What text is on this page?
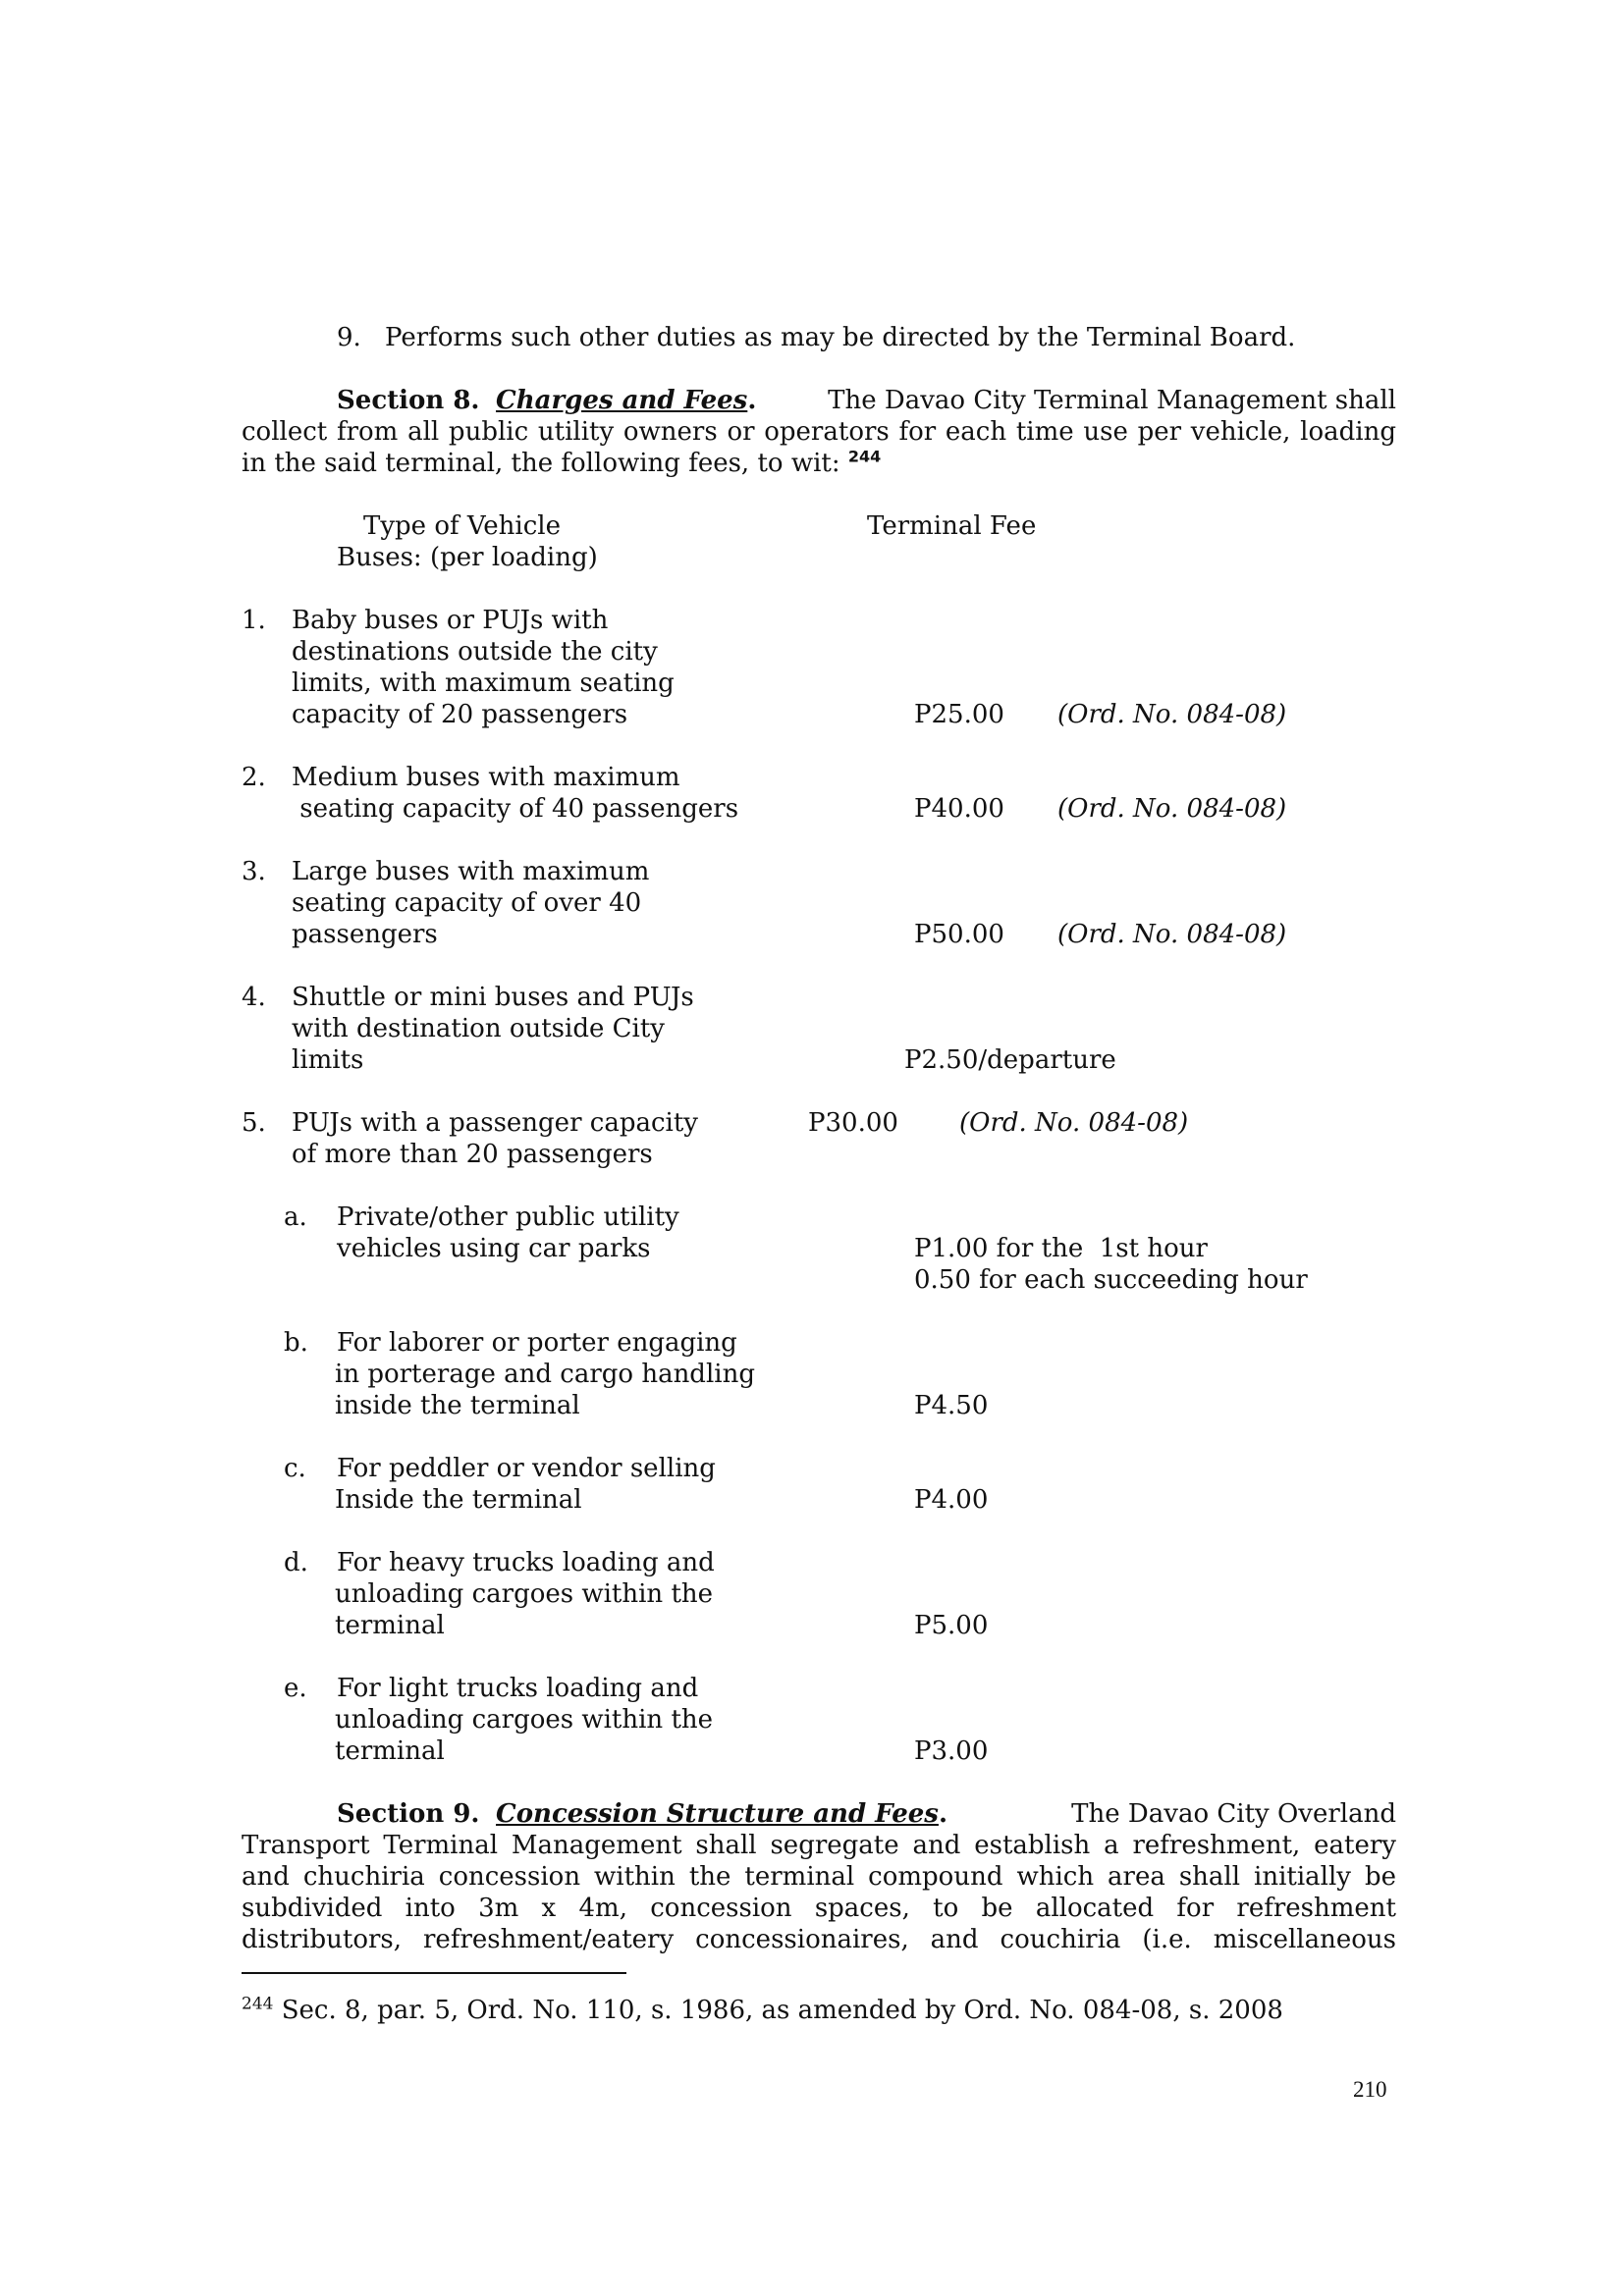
9. Performs such other duties as may be directed by the Terminal Board.
Section 8. Charges and Fees.	The Davao City Terminal Management shall
collect from all public utility owners or operators for each time use per vehicle, loading
in the said terminal, the following fees, to wit: $^{244}$
Type of Vehicle
Buses: (per loading)
Terminal Fee
1. Baby buses or PUJs with
destinations outside the city
limits, with maximum seating
capacity of 20 passengers	P25.00 (Ord. No. 084-08)
2. Medium buses with maximum
seating capacity of 40 passengers	P40.00 (Ord. No. 084-08)
3. Large buses with maximum
seating capacity of over 40
passengers	P50.00 (Ord. No. 084-08)
4. Shuttle or mini buses and PUJs
with destination outside City
limits	P2.50/departure
5. PUJs with a passenger capacity
of more than 20 passengers
P30.00 (Ord. No. 084-08)
a. Private/other public utility
vehicles using car parks	P1.00 for the  1st hour
0.50 for each succeeding hour
b. For laborer or porter engaging
in porterage and cargo handling
inside the terminal	P4.50
c. For peddler or vendor selling
Inside the terminal	P4.00
d. For heavy trucks loading and
unloading cargoes within the
terminal	P5.00
e. For light trucks loading and
unloading cargoes within the
terminal	P3.00
Section 9. Concession Structure and Fees.	The Davao City Overland
Transport Terminal Management shall segregate and establish a refreshment, eatery
and chuchiria concession within the terminal compound which area shall initially be
subdivided into 3m x 4m, concession spaces, to be allocated for refreshment
distributors, refreshment/eatery concessionaires, and couchiria (i.e. miscellaneous
$^{244}$ Sec. 8, par. 5, Ord. No. 110, s. 1986, as amended by Ord. No. 084-08, s. 2008
210
